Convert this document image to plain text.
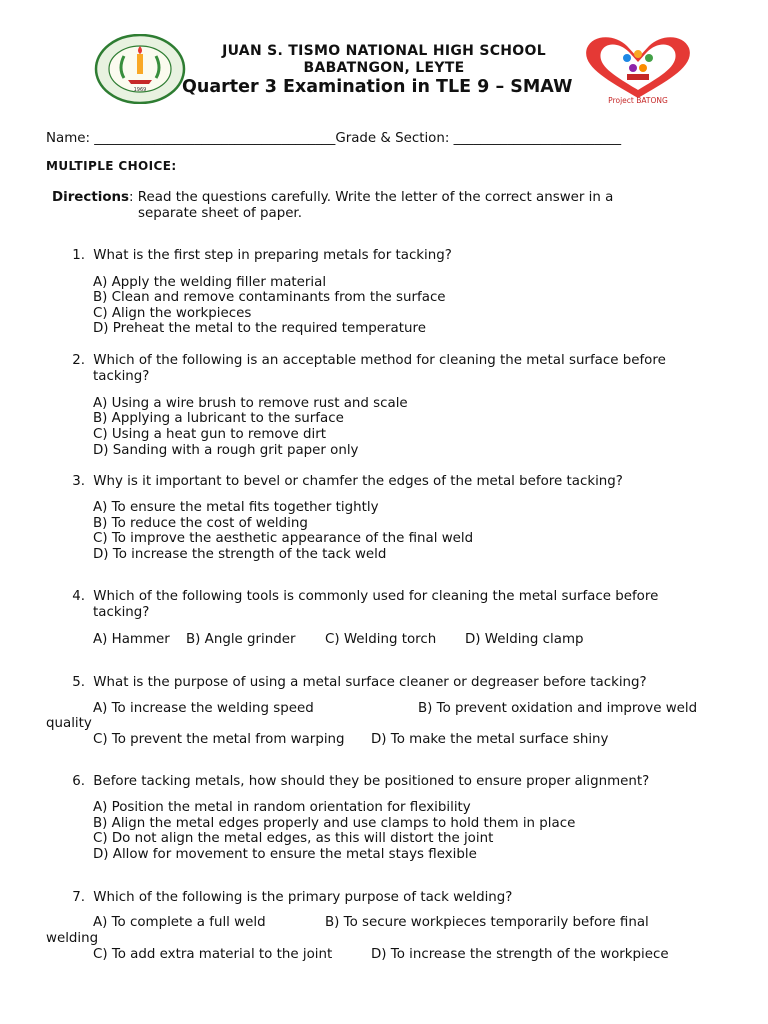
1969
Project BATONG
JUAN S. TISMO NATIONAL HIGH SCHOOL
BABATNGON, LEYTE
Quarter 3 Examination in TLE 9 – SMAW
Name: ____________________________________Grade & Section: _________________________
MULTIPLE CHOICE:
Directions: Read the questions carefully. Write the letter of the correct answer in a
separate sheet of paper.
1. What is the first step in preparing metals for tacking?
A) Apply the welding filler material
B) Clean and remove contaminants from the surface
C) Align the workpieces
D) Preheat the metal to the required temperature
2. Which of the following is an acceptable method for cleaning the metal surface before
tacking?
A) Using a wire brush to remove rust and scale
B) Applying a lubricant to the surface
C) Using a heat gun to remove dirt
D) Sanding with a rough grit paper only
3. Why is it important to bevel or chamfer the edges of the metal before tacking?
A) To ensure the metal fits together tightly
B) To reduce the cost of welding
C) To improve the aesthetic appearance of the final weld
D) To increase the strength of the tack weld
4. Which of the following tools is commonly used for cleaning the metal surface before
tacking?
A) Hammer B) Angle grinder C) Welding torch D) Welding clamp
5. What is the purpose of using a metal surface cleaner or degreaser before tacking?
A) To increase the welding speed	B) To prevent oxidation and improve weld
quality
C) To prevent the metal from warping D) To make the metal surface shiny
6. Before tacking metals, how should they be positioned to ensure proper alignment?
A) Position the metal in random orientation for flexibility
B) Align the metal edges properly and use clamps to hold them in place
C) Do not align the metal edges, as this will distort the joint
D) Allow for movement to ensure the metal stays flexible
7. Which of the following is the primary purpose of tack welding?
A) To complete a full weld	B) To secure workpieces temporarily before final
welding
C) To add extra material to the joint	D) To increase the strength of the workpiece
